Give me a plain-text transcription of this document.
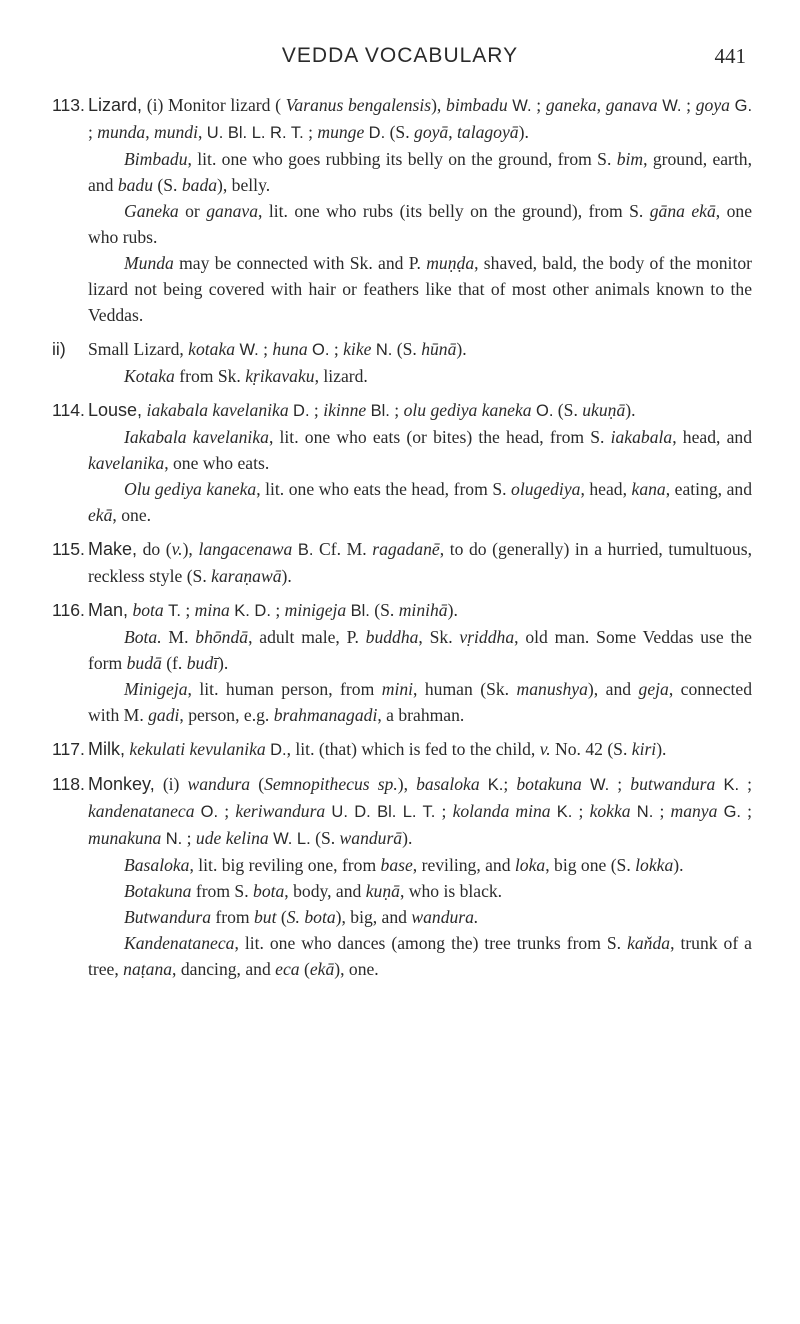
VEDDA VOCABULARY	441
113. Lizard, (i) Monitor lizard ( Varanus bengalensis), bimbadu W. ; ganeka, ganava W. ; goya G. ; munda, mundi, U. Bl. L. R. T. ; munge D. (S. goyā, talagoyā).
Bimbadu, lit. one who goes rubbing its belly on the ground, from S. bim, ground, earth, and badu (S. bada), belly.
Ganeka or ganava, lit. one who rubs (its belly on the ground), from S. gāna ekā, one who rubs.
Munda may be connected with Sk. and P. muṇḍa, shaved, bald, the body of the monitor lizard not being covered with hair or feathers like that of most other animals known to the Veddas.
ii) Small Lizard, kotaka W. ; huna O. ; kike N. (S. hūnā).
Kotaka from Sk. kṛikavaku, lizard.
114. Louse, iakabala kavelanika D. ; ikinne Bl. ; olu gediya kaneka O. (S. ukuṇā).
Iakabala kavelanika, lit. one who eats (or bites) the head, from S. iakabala, head, and kavelanika, one who eats.
Olu gediya kaneka, lit. one who eats the head, from S. olugediya, head, kana, eating, and ekā, one.
115. Make, do (v.), langacenawa B. Cf. M. ragadanē, to do (generally) in a hurried, tumultuous, reckless style (S. karaṇawā).
116. Man, bota T. ; mina K. D. ; minigeja Bl. (S. minihā).
Bota. M. bhōndā, adult male, P. buddha, Sk. vṛiddha, old man. Some Veddas use the form budā (f. budī).
Minigeja, lit. human person, from mini, human (Sk. manushya), and geja, connected with M. gadi, person, e.g. brahmanagadi, a brahman.
117. Milk, kekulati kevulanika D., lit. (that) which is fed to the child, v. No. 42 (S. kiri).
118. Monkey, (i) wandura (Semnopithecus sp.), basaloka K.; botakuna W. ; butwandura K. ; kandenataneca O. ; keriwandura U. D. Bl. L. T. ; kolanda mina K. ; kokka N. ; manya G. ; munakuna N. ; ude kelina W. L. (S. wandurā).
Basaloka, lit. big reviling one, from base, reviling, and loka, big one (S. lokka).
Botakuna from S. bota, body, and kuṇā, who is black.
Butwandura from but (S. bota), big, and wandura.
Kandenataneca, lit. one who dances (among the) tree trunks from S. kaňda, trunk of a tree, naṭana, dancing, and eca (ekā), one.
